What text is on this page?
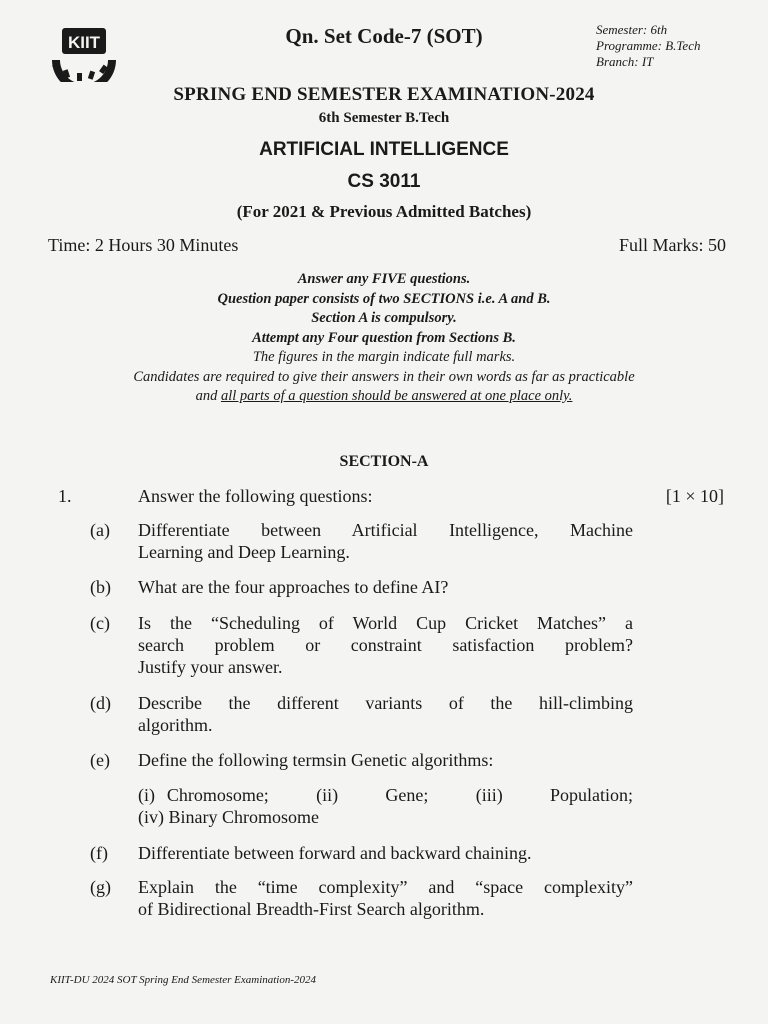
KIIT	Qn. Set Code-7 (SOT)	Semester: 6th
Programme: B.Tech
Branch: IT
SPRING END SEMESTER EXAMINATION-2024
6th Semester B.Tech
ARTIFICIAL INTELLIGENCE
CS 3011
(For 2021 & Previous Admitted Batches)
Time: 2 Hours 30 Minutes	Full Marks: 50
Answer any FIVE questions.
Question paper consists of two SECTIONS i.e. A and B.
Section A is compulsory.
Attempt any Four question from Sections B.
The figures in the margin indicate full marks.
Candidates are required to give their answers in their own words as far as practicable
and all parts of a question should be answered at one place only.
SECTION-A
1.	Answer the following questions:	[1 × 10]
(a)	Differentiate between Artificial Intelligence, Machine
Learning and Deep Learning.
(b)	What are the four approaches to define AI?
(c)	Is the “Scheduling of World Cup Cricket Matches” a
search problem or constraint satisfaction problem?
Justify your answer.
(d)	Describe the different variants of the hill-climbing
algorithm.
(e)	Define the following termsin Genetic algorithms:
(i) Chromosome;    (ii)    Gene;    (iii)    Population;
(iv) Binary Chromosome
(f)	Differentiate between forward and backward chaining.
(g)	Explain the “time complexity” and “space complexity”
of Bidirectional Breadth-First Search algorithm.
KIIT-DU 2024 SOT Spring End Semester Examination-2024
